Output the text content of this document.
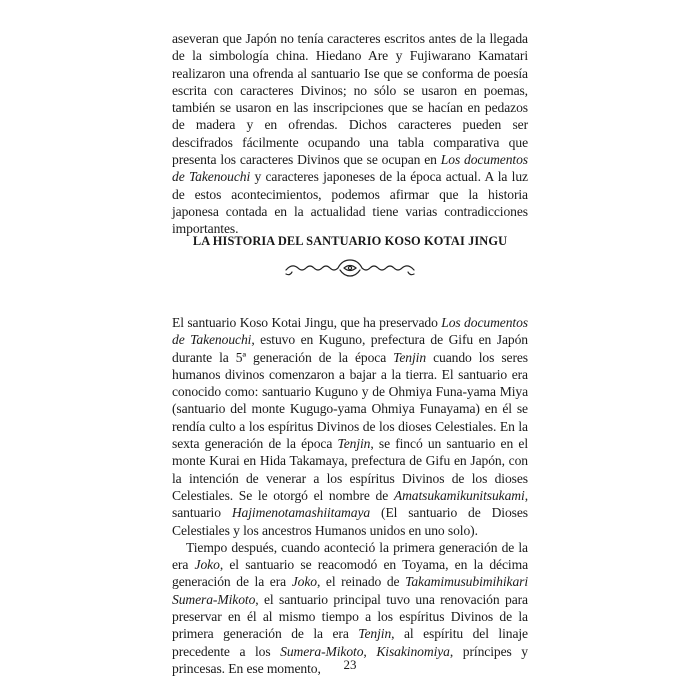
aseveran que Japón no tenía caracteres escritos antes de la llegada de la simbología china. Hiedano Are y Fujiwarano Kamatari realizaron una ofrenda al santuario Ise que se conforma de poesía escrita con caracteres Divinos; no sólo se usaron en poemas, también se usaron en las inscripciones que se hacían en pedazos de madera y en ofrendas. Dichos caracteres pueden ser descifrados fácilmente ocupando una tabla comparativa que presenta los caracteres Divinos que se ocupan en Los documentos de Takenouchi y caracteres japoneses de la época actual. A la luz de estos acontecimientos, podemos afirmar que la historia japonesa contada en la actualidad tiene varias contradicciones importantes.

LA HISTORIA DEL SANTUARIO KOSO KOTAI JINGU

El santuario Koso Kotai Jingu, que ha preservado Los documentos de Takenouchi, estuvo en Kuguno, prefectura de Gifu en Japón durante la 5ª generación de la época Tenjin cuando los seres humanos divinos comenzaron a bajar a la tierra. El santuario era conocido como: santuario Kuguno y de Ohmiya Funa-yama Miya (santuario del monte Kugugo-yama Ohmiya Funayama) en él se rendía culto a los espíritus Divinos de los dioses Celestiales. En la sexta generación de la época Tenjin, se fincó un santuario en el monte Kurai en Hida Takamaya, prefectura de Gifu en Japón, con la intención de venerar a los espíritus Divinos de los dioses Celestiales. Se le otorgó el nombre de Amatsukamikunitsukami, santuario Hajimenotamashiitamaya (El santuario de Dioses Celestiales y los ancestros Humanos unidos en uno solo).

Tiempo después, cuando aconteció la primera generación de la era Joko, el santuario se reacomodó en Toyama, en la décima generación de la era Joko, el reinado de Takamimusubimihikari Sumera-Mikoto, el santuario principal tuvo una renovación para preservar en él al mismo tiempo a los espíritus Divinos de la primera generación de la era Tenjin, al espíritu del linaje precedente a los Sumera-Mikoto, Kisakinomiya, príncipes y princesas. En ese momento,	23
